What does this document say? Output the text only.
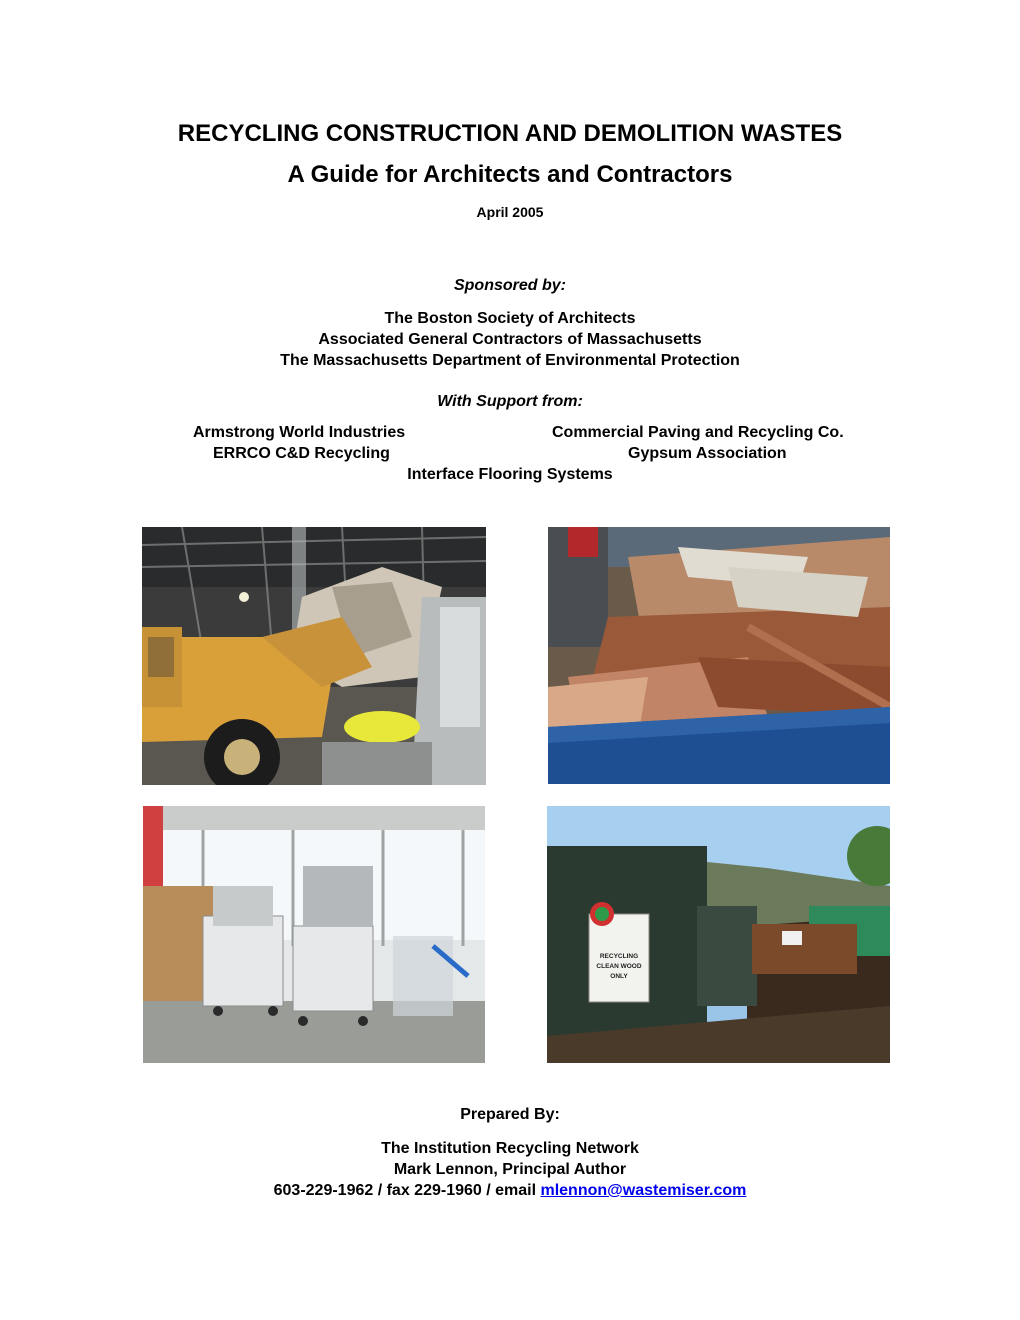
RECYCLING CONSTRUCTION AND DEMOLITION WASTES
A Guide for Architects and Contractors
April 2005
Sponsored by:
The Boston Society of Architects
Associated General Contractors of Massachusetts
The Massachusetts Department of Environmental Protection
With Support from:
Armstrong World Industries	Commercial Paving and Recycling Co.
ERRCO C&D Recycling	Gypsum Association
Interface Flooring Systems
RECYCLING
CLEAN WOOD
ONLY
Prepared By:
The Institution Recycling Network
Mark Lennon, Principal Author
603-229-1962 / fax 229-1960 / email mlennon@wastemiser.com
